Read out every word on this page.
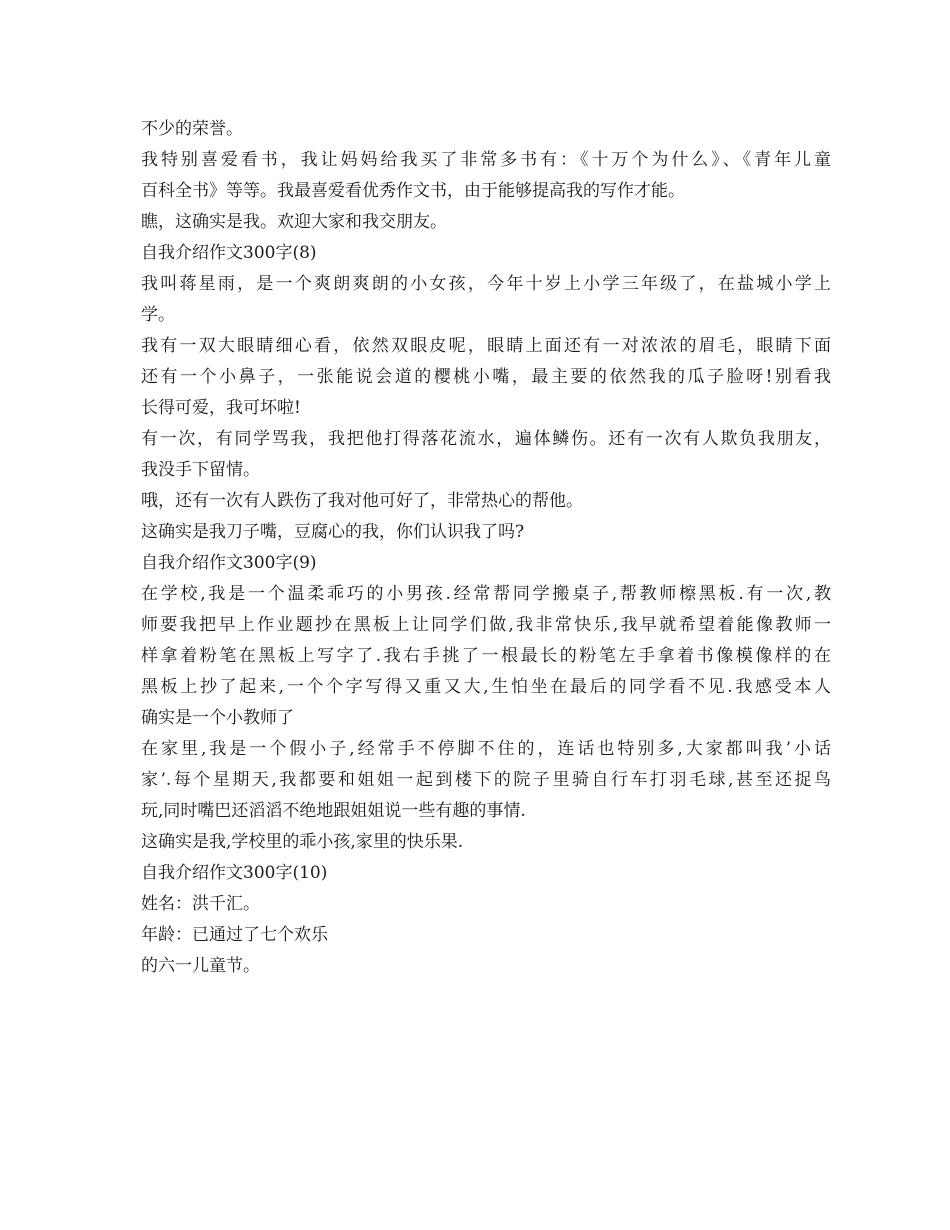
不少的荣誉。
我特别喜爱看书，我让妈妈给我买了非常多书有：《十万个为什么》、《青年儿童
百科全书》等等。我最喜爱看优秀作文书，由于能够提高我的写作才能。
瞧，这确实是我。欢迎大家和我交朋友。
自我介绍作文300字(8)
我叫蒋星雨，是一个爽朗爽朗的小女孩，今年十岁上小学三年级了，在盐城小学上
学。
我有一双大眼睛细心看，依然双眼皮呢，眼睛上面还有一对浓浓的眉毛，眼睛下面
还有一个小鼻子，一张能说会道的樱桃小嘴，最主要的依然我的瓜子脸呀!别看我
长得可爱，我可坏啦!
有一次，有同学骂我，我把他打得落花流水，遍体鳞伤。还有一次有人欺负我朋友，
我没手下留情。
哦，还有一次有人跌伤了我对他可好了，非常热心的帮他。
这确实是我刀子嘴，豆腐心的我，你们认识我了吗?
自我介绍作文300字(9)
在学校,我是一个温柔乖巧的小男孩.经常帮同学搬桌子,帮教师檫黑板.有一次,教
师要我把早上作业题抄在黑板上让同学们做,我非常快乐,我早就希望着能像教师一
样拿着粉笔在黑板上写字了.我右手挑了一根最长的粉笔左手拿着书像模像样的在
黑板上抄了起来,一个个字写得又重又大,生怕坐在最后的同学看不见.我感受本人
确实是一个小教师了
在家里,我是一个假小子,经常手不停脚不住的，连话也特别多,大家都叫我’小话
家’.每个星期天,我都要和姐姐一起到楼下的院子里骑自行车打羽毛球,甚至还捉鸟
玩,同时嘴巴还滔滔不绝地跟姐姐说一些有趣的事情.
这确实是我,学校里的乖小孩,家里的快乐果.
自我介绍作文300字(10)
姓名：洪千汇。
年龄：已通过了七个欢乐
的六一儿童节。
